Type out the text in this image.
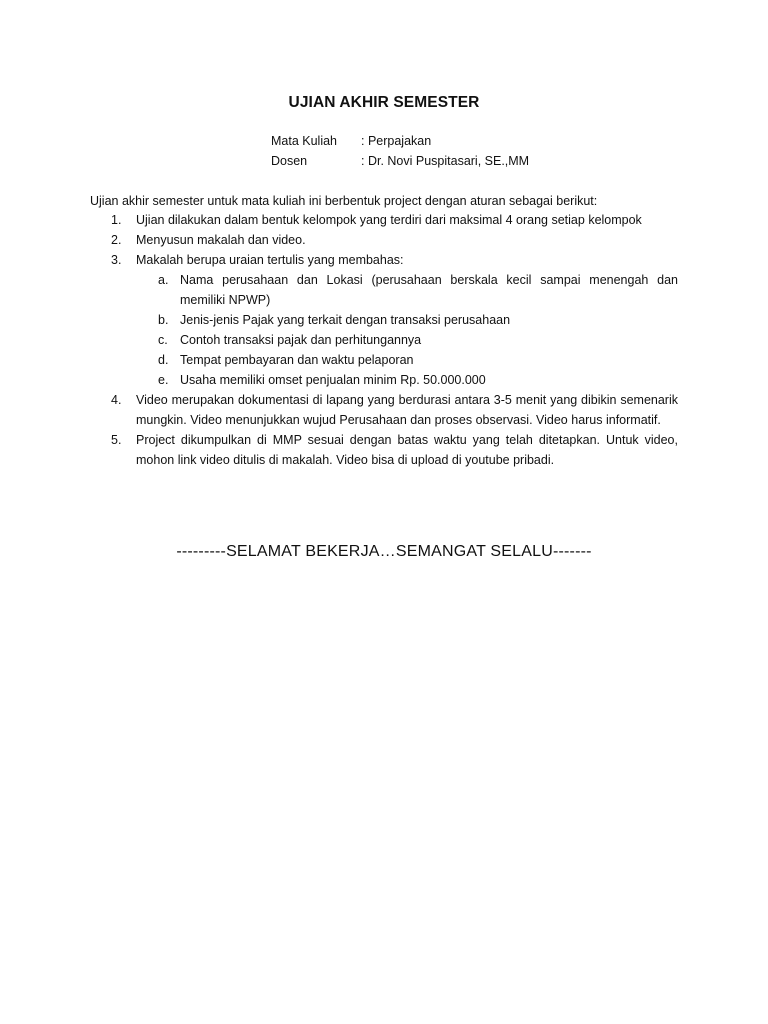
UJIAN AKHIR SEMESTER
Mata Kuliah	: Perpajakan
Dosen	: Dr. Novi Puspitasari, SE.,MM
Ujian akhir semester untuk mata kuliah ini berbentuk project dengan aturan sebagai berikut:
1.	Ujian dilakukan dalam bentuk kelompok yang terdiri dari maksimal 4 orang setiap kelompok
2.	Menyusun makalah dan video.
3.	Makalah berupa uraian tertulis yang membahas:
a. Nama perusahaan dan Lokasi (perusahaan berskala kecil sampai menengah dan memiliki NPWP)
b. Jenis-jenis Pajak yang terkait dengan transaksi perusahaan
c. Contoh transaksi pajak dan perhitungannya
d. Tempat pembayaran dan waktu pelaporan
e. Usaha memiliki omset penjualan minim Rp. 50.000.000
4.	Video merupakan dokumentasi di lapang yang berdurasi antara 3-5 menit yang dibikin semenarik mungkin. Video menunjukkan wujud Perusahaan dan proses observasi. Video harus informatif.
5.	Project dikumpulkan di MMP sesuai dengan batas waktu yang telah ditetapkan. Untuk video, mohon link video ditulis di makalah. Video bisa di upload di youtube pribadi.
---------SELAMAT BEKERJA…SEMANGAT SELALU-------
